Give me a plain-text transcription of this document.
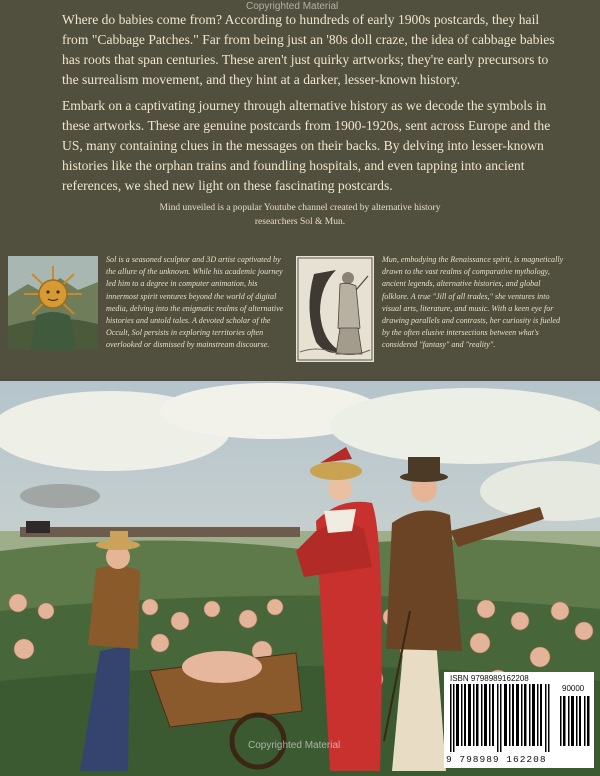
Where do babies come from? According to hundreds of early 1900s postcards, they hail from "Cabbage Patches." Far from being just an '80s doll craze, the idea of cabbage babies has roots that span centuries. These aren't just quirky artworks; they're early precursors to the surrealism movement, and they hint at a darker, lesser-known history.

Embark on a captivating journey through alternative history as we decode the symbols in these artworks. These are genuine postcards from 1900-1920s, sent across Europe and the US, many containing clues in the messages on their backs. By delving into lesser-known histories like the orphan trains and foundling hospitals, and even tapping into ancient references, we shed new light on these fascinating postcards.

Mind unveiled is a popular Youtube channel created by alternative history
researchers Sol & Mun.

Sol is a seasoned sculptor and 3D artist captivated by the allure of the unknown. While his academic journey led him to a degree in computer animation, his innermost spirit ventures beyond the world of digital media, delving into the enigmatic realms of alternative histories and untold tales. A devoted scholar of the Occult, Sol persists in exploring territories often overlooked or dismissed by mainstream discourse.

Mun, embodying the Renaissance spirit, is magnetically drawn to the vast realms of comparative mythology, ancient legends, alternative histories, and global folklore. A true "Jill of all trades," she ventures into visual arts, literature, and music. With a keen eye for drawing parallels and contrasts, her curiosity is fueled by the often elusive intersections between what's considered "fantasy" and "reality".

Copyrighted Material
Copyrighted Material
ISBN 9798989162208
90000
9 798989 162208
